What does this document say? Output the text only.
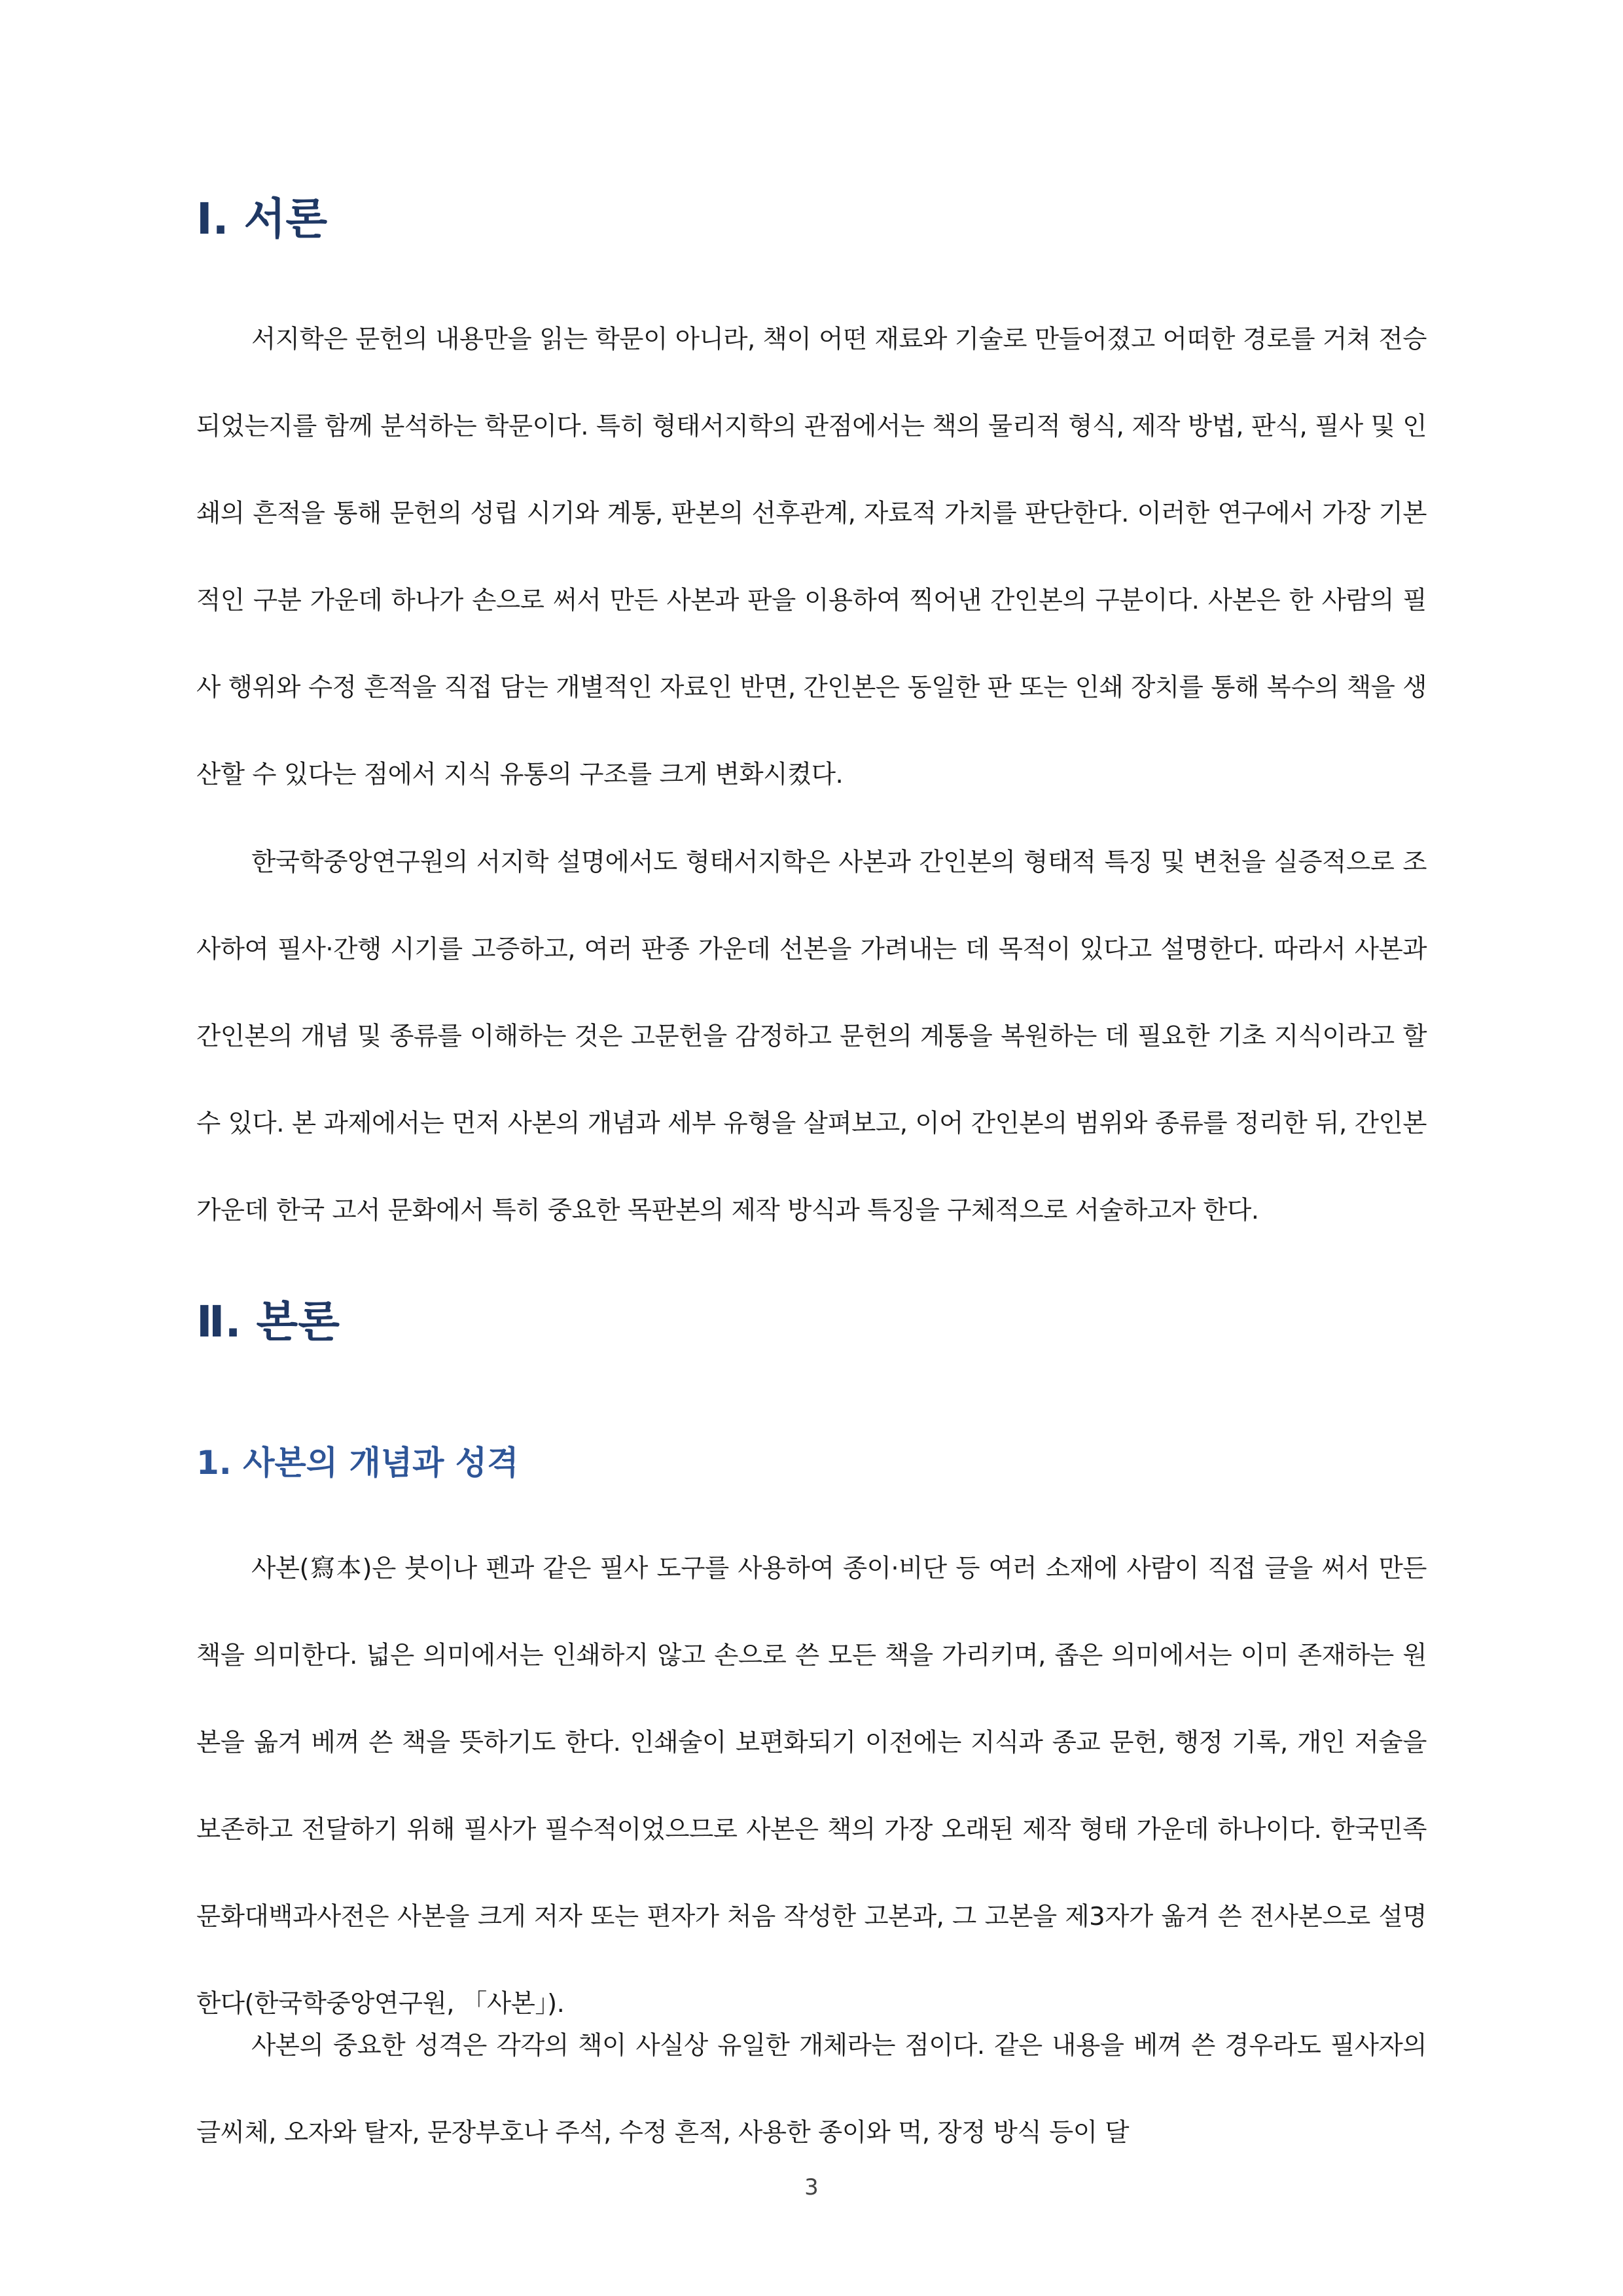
Ⅰ. 서론

서지학은 문헌의 내용만을 읽는 학문이 아니라, 책이 어떤 재료와 기술로 만들어졌고 어떠한 경로를 거쳐 전승되었는지를 함께 분석하는 학문이다. 특히 형태서지학의 관점에서는 책의 물리적 형식, 제작 방법, 판식, 필사 및 인쇄의 흔적을 통해 문헌의 성립 시기와 계통, 판본의 선후관계, 자료적 가치를 판단한다. 이러한 연구에서 가장 기본적인 구분 가운데 하나가 손으로 써서 만든 사본과 판을 이용하여 찍어낸 간인본의 구분이다. 사본은 한 사람의 필사 행위와 수정 흔적을 직접 담는 개별적인 자료인 반면, 간인본은 동일한 판 또는 인쇄 장치를 통해 복수의 책을 생산할 수 있다는 점에서 지식 유통의 구조를 크게 변화시켰다.

한국학중앙연구원의 서지학 설명에서도 형태서지학은 사본과 간인본의 형태적 특징 및 변천을 실증적으로 조사하여 필사·간행 시기를 고증하고, 여러 판종 가운데 선본을 가려내는 데 목적이 있다고 설명한다. 따라서 사본과 간인본의 개념 및 종류를 이해하는 것은 고문헌을 감정하고 문헌의 계통을 복원하는 데 필요한 기초 지식이라고 할 수 있다. 본 과제에서는 먼저 사본의 개념과 세부 유형을 살펴보고, 이어 간인본의 범위와 종류를 정리한 뒤, 간인본 가운데 한국 고서 문화에서 특히 중요한 목판본의 제작 방식과 특징을 구체적으로 서술하고자 한다.

Ⅱ. 본론
1. 사본의 개념과 성격

사본(寫本)은 붓이나 펜과 같은 필사 도구를 사용하여 종이·비단 등 여러 소재에 사람이 직접 글을 써서 만든 책을 의미한다. 넓은 의미에서는 인쇄하지 않고 손으로 쓴 모든 책을 가리키며, 좁은 의미에서는 이미 존재하는 원본을 옮겨 베껴 쓴 책을 뜻하기도 한다. 인쇄술이 보편화되기 이전에는 지식과 종교 문헌, 행정 기록, 개인 저술을 보존하고 전달하기 위해 필사가 필수적이었으므로 사본은 책의 가장 오래된 제작 형태 가운데 하나이다. 한국민족문화대백과사전은 사본을 크게 저자 또는 편자가 처음 작성한 고본과, 그 고본을 제3자가 옮겨 쓴 전사본으로 설명한다(한국학중앙연구원, 「사본」).

사본의 중요한 성격은 각각의 책이 사실상 유일한 개체라는 점이다. 같은 내용을 베껴 쓴 경우라도 필사자의 글씨체, 오자와 탈자, 문장부호나 주석, 수정 흔적, 사용한 종이와 먹, 장정 방식 등이 달

3
